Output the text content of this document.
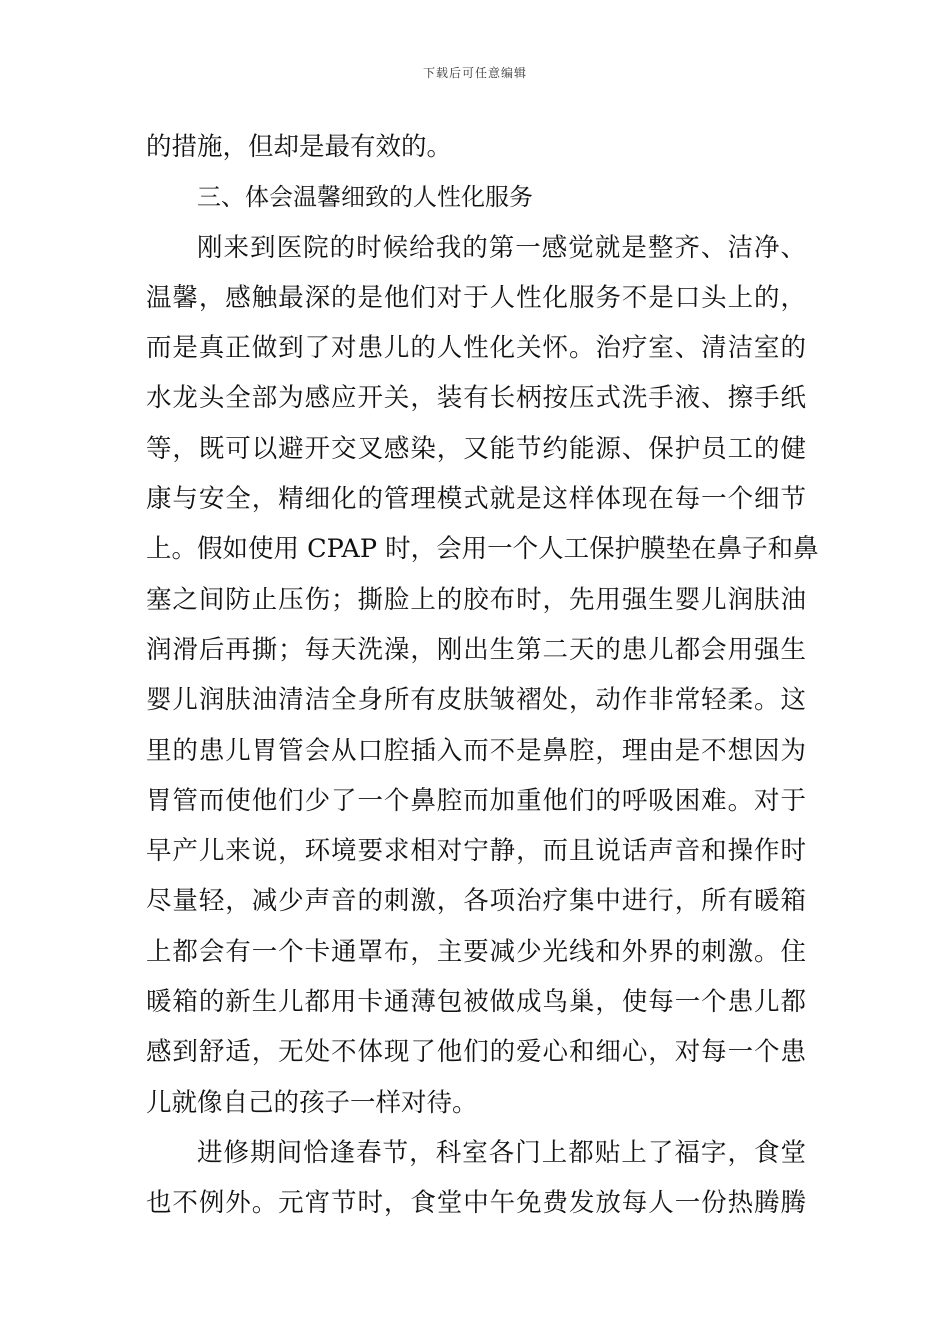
下载后可任意编辑
的措施，但却是最有效的。
三、体会温馨细致的人性化服务
刚来到医院的时候给我的第一感觉就是整齐、洁净、
温馨，感触最深的是他们对于人性化服务不是口头上的，
而是真正做到了对患儿的人性化关怀。治疗室、清洁室的
水龙头全部为感应开关，装有长柄按压式洗手液、擦手纸
等，既可以避开交叉感染，又能节约能源、保护员工的健
康与安全，精细化的管理模式就是这样体现在每一个细节
上。假如使用 CPAP 时，会用一个人工保护膜垫在鼻子和鼻
塞之间防止压伤；撕脸上的胶布时，先用强生婴儿润肤油
润滑后再撕；每天洗澡，刚出生第二天的患儿都会用强生
婴儿润肤油清洁全身所有皮肤皱褶处，动作非常轻柔。这
里的患儿胃管会从口腔插入而不是鼻腔，理由是不想因为
胃管而使他们少了一个鼻腔而加重他们的呼吸困难。对于
早产儿来说，环境要求相对宁静，而且说话声音和操作时
尽量轻，减少声音的刺激，各项治疗集中进行，所有暖箱
上都会有一个卡通罩布，主要减少光线和外界的刺激。住
暖箱的新生儿都用卡通薄包被做成鸟巢，使每一个患儿都
感到舒适，无处不体现了他们的爱心和细心，对每一个患
儿就像自己的孩子一样对待。
进修期间恰逢春节，科室各门上都贴上了福字，食堂
也不例外。元宵节时，食堂中午免费发放每人一份热腾腾
